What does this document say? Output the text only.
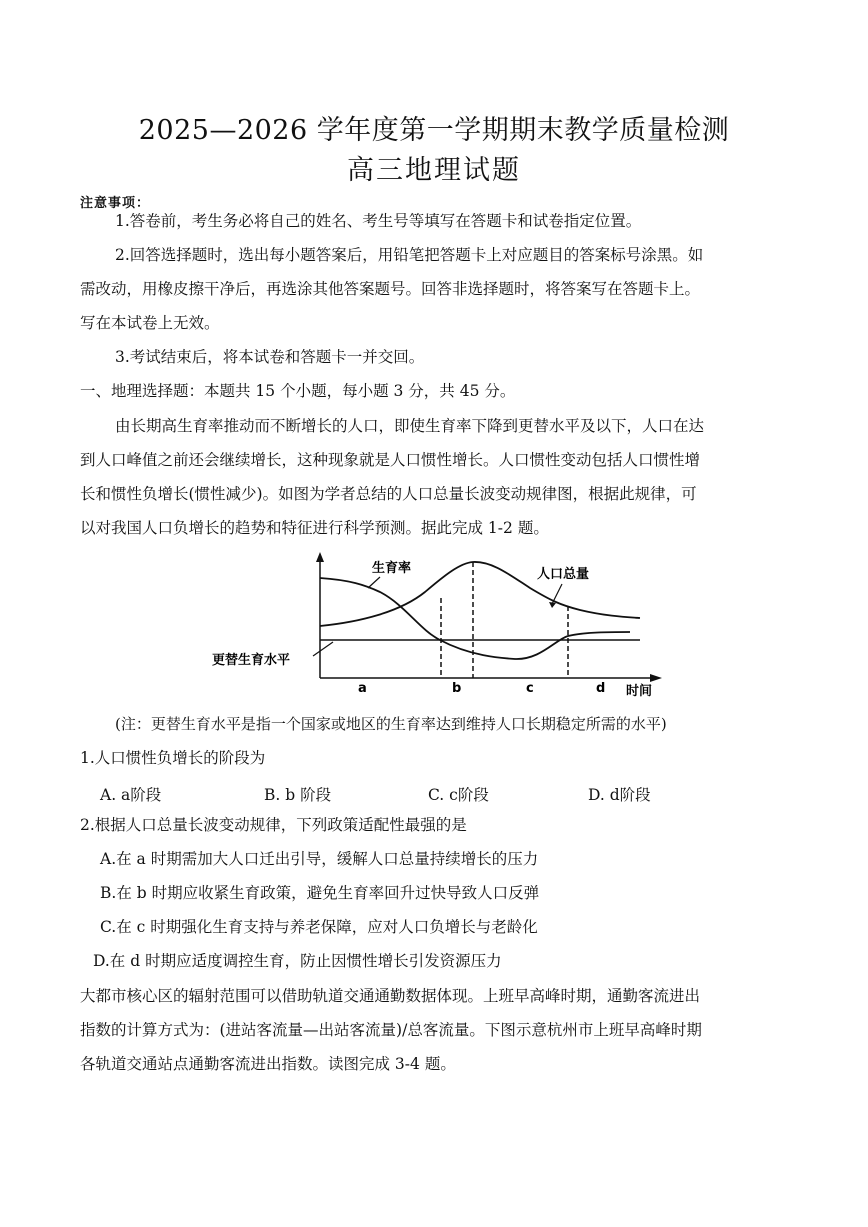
2025—2026 学年度第一学期期末教学质量检测
高三地理试题
注意事项：
1.答卷前，考生务必将自己的姓名、考生号等填写在答题卡和试卷指定位置。
2.回答选择题时，选出每小题答案后，用铅笔把答题卡上对应题目的答案标号涂黑。如
需改动，用橡皮擦干净后，再选涂其他答案题号。回答非选择题时，将答案写在答题卡上。
写在本试卷上无效。
3.考试结束后，将本试卷和答题卡一并交回。
一、地理选择题：本题共 15 个小题，每小题 3 分，共 45 分。
由长期高生育率推动而不断增长的人口，即使生育率下降到更替水平及以下，人口在达
到人口峰值之前还会继续增长，这种现象就是人口惯性增长。人口惯性变动包括人口惯性增
长和惯性负增长(惯性减少)。如图为学者总结的人口总量长波变动规律图，根据此规律，可
以对我国人口负增长的趋势和特征进行科学预测。据此完成 1-2 题。
生育率	人口总量
更替生育水平
a	b	c	d 时间
(注：更替生育水平是指一个国家或地区的生育率达到维持人口长期稳定所需的水平)
1.人口惯性负增长的阶段为
A. a阶段	B. b 阶段	C. c阶段	D. d阶段
2.根据人口总量长波变动规律，下列政策适配性最强的是
A.在 a 时期需加大人口迁出引导，缓解人口总量持续增长的压力
B.在 b 时期应收紧生育政策，避免生育率回升过快导致人口反弹
C.在 c 时期强化生育支持与养老保障，应对人口负增长与老龄化
D.在 d 时期应适度调控生育，防止因惯性增长引发资源压力
大都市核心区的辐射范围可以借助轨道交通通勤数据体现。上班早高峰时期，通勤客流进出
指数的计算方式为：(进站客流量—出站客流量)/总客流量。下图示意杭州市上班早高峰时期
各轨道交通站点通勤客流进出指数。读图完成 3-4 题。
